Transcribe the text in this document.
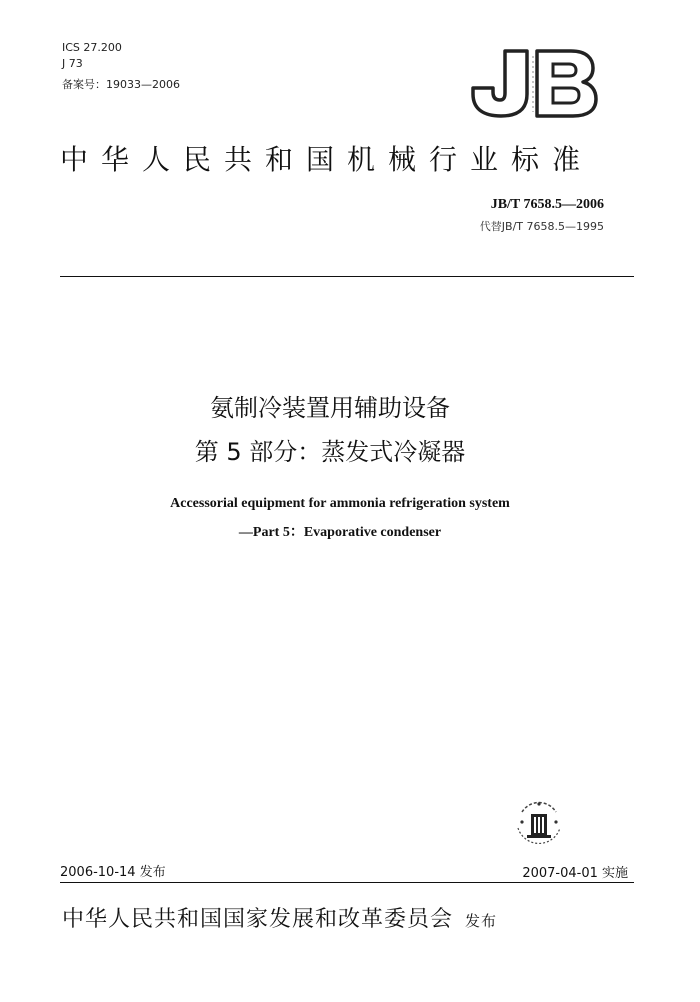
ICS 27.200
J 73
备案号：19033—2006
中华人民共和国机械行业标准
JB/T 7658.5—2006
代替JB/T 7658.5—1995
氨制冷装置用辅助设备
第 5 部分：蒸发式冷凝器
Accessorial equipment for ammonia refrigeration system
—Part 5：Evaporative condenser
2006-10-14 发布	2007-04-01 实施
中华人民共和国国家发展和改革委员会 发布
